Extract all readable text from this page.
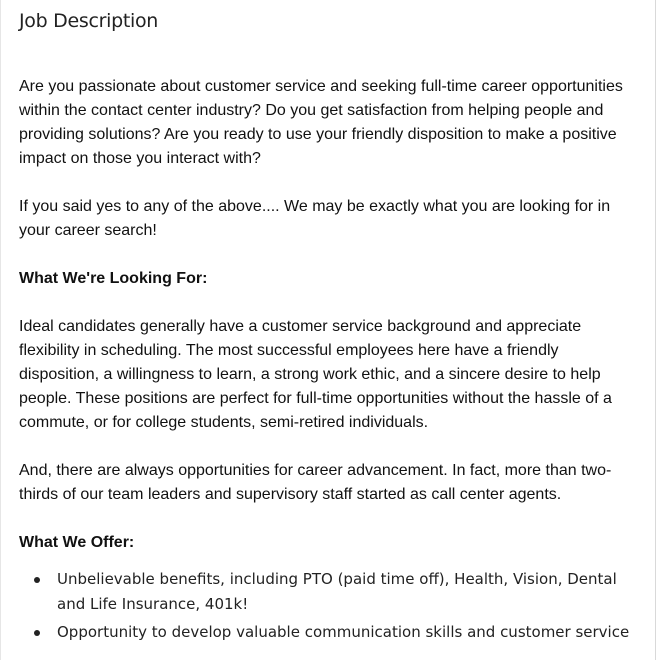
Job Description

Are you passionate about customer service and seeking full-time career opportunities within the contact center industry? Do you get satisfaction from helping people and providing solutions? Are you ready to use your friendly disposition to make a positive impact on those you interact with?

If you said yes to any of the above.... We may be exactly what you are looking for in your career search!

What We're Looking For:

Ideal candidates generally have a customer service background and appreciate flexibility in scheduling. The most successful employees here have a friendly disposition, a willingness to learn, a strong work ethic, and a sincere desire to help people. These positions are perfect for full-time opportunities without the hassle of a commute, or for college students, semi-retired individuals.

And, there are always opportunities for career advancement. In fact, more than two-thirds of our team leaders and supervisory staff started as call center agents.

What We Offer:

Unbelievable benefits, including PTO (paid time off), Health, Vision, Dental and Life Insurance, 401k!
Opportunity to develop valuable communication skills and customer service
